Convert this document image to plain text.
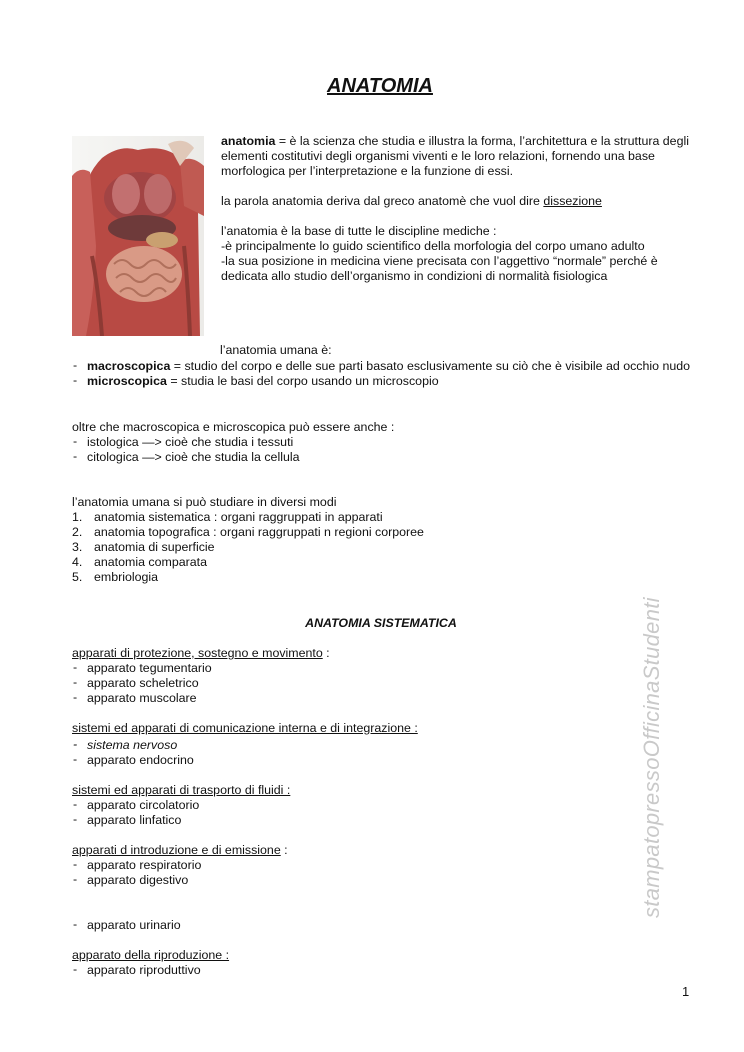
ANATOMIA

anatomia = è la scienza che studia e illustra la forma, l’architettura e la struttura degli elementi costitutivi degli organismi viventi e le loro relazioni, fornendo una base morfologica per l’interpretazione e la funzione di essi.

la parola anatomia deriva dal greco anatomè che vuol dire dissezione

l’anatomia è la base di tutte le discipline mediche :
-è principalmente lo guido scientifico della morfologia del corpo umano adulto
-la sua posizione in medicina viene precisata con l’aggettivo “normale” perché è dedicata allo studio dell’organismo in condizioni di normalità fisiologica
l’anatomia umana è:
- macroscopica = studio del corpo e delle sue parti basato esclusivamente su ciò che è visibile ad occhio nudo
- microscopica = studia le basi del corpo usando un microscopio
oltre che macroscopica e microscopica può essere anche :
- istologica —> cioè che studia i tessuti
- citologica —> cioè che studia la cellula
l’anatomia umana si può studiare in diversi modi
1. anatomia sistematica : organi raggruppati in apparati
2. anatomia topografica : organi raggruppati n regioni corporee
3. anatomia di superficie
4. anatomia comparata
5. embriologia
ANATOMIA SISTEMATICA
apparati di protezione, sostegno e movimento :
- apparato tegumentario
- apparato scheletrico
- apparato muscolare
sistemi ed apparati di comunicazione interna e di integrazione :
- sistema nervoso
- apparato endocrino
sistemi ed apparati di trasporto di fluidi :
- apparato circolatorio
- apparato linfatico
apparati d introduzione e di emissione :
- apparato respiratorio
- apparato digestivo
- apparato urinario
apparato della riproduzione :
- apparato riproduttivo
stampatopressoOfficinaStudenti
1
